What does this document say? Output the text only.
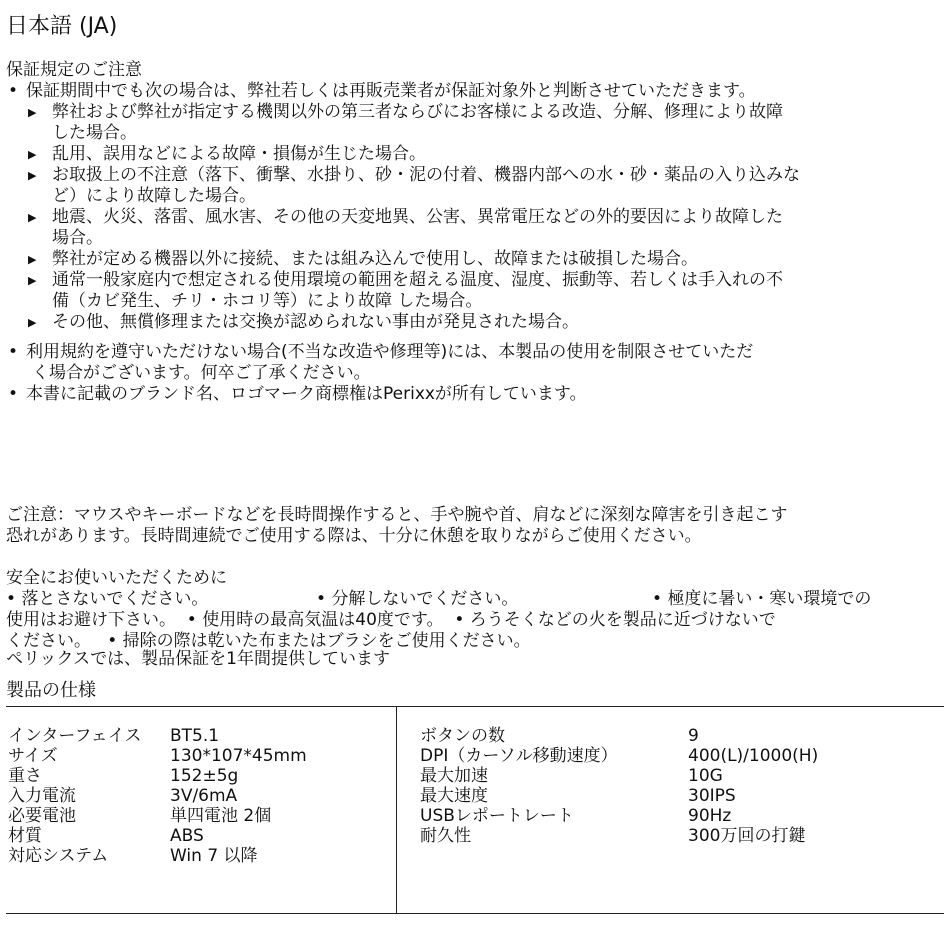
日本語 (JA)
保証規定のご注意
• 保証期間中でも次の場合は、弊社若しくは再販売業者が保証対象外と判断させていただきます。
▶ 弊社および弊社が指定する機関以外の第三者ならびにお客様による改造、分解、修理により故障
した場合。
▶ 乱用、誤用などによる故障・損傷が生じた場合。
▶ お取扱上の不注意（落下、衝撃、水掛り、砂・泥の付着、機器内部への水・砂・薬品の入り込みな
ど）により故障した場合。
▶ 地震、火災、落雷、風水害、その他の天変地異、公害、異常電圧などの外的要因により故障した
場合。
▶ 弊社が定める機器以外に接続、または組み込んで使用し、故障または破損した場合。
▶ 通常一般家庭内で想定される使用環境の範囲を超える温度、湿度、振動等、若しくは手入れの不
備（カビ発生、チリ・ホコリ等）により故障 した場合。
▶ その他、無償修理または交換が認められない事由が発見された場合。
• 利用規約を遵守いただけない場合(不当な改造や修理等)には、本製品の使用を制限させていただ
く場合がございます。何卒ご了承ください。
• 本書に記載のブランド名、ロゴマーク商標権はPerixxが所有しています。
ご注意：マウスやキーボードなどを長時間操作すると、手や腕や首、肩などに深刻な障害を引き起こす
恐れがあります。長時間連続でご使用する際は、十分に休憩を取りながらご使用ください。
安全にお使いいただくために
• 落とさないでください。	• 分解しないでください。	• 極度に暑い・寒い環境での
使用はお避け下さい。  • 使用時の最高気温は40度です。  • ろうそくなどの火を製品に近づけないで
ください。   • 掃除の際は乾いた布またはブラシをご使用ください。
ペリックスでは、製品保証を1年間提供しています
製品の仕様
インターフェイス	BT5.1
サイズ	130*107*45mm
重さ	152±5g
入力電流	3V/6mA
必要電池	単四電池 2個
材質	ABS
対応システム	Win 7 以降
ボタンの数	9
DPI（カーソル移動速度）	400(L)/1000(H)
最大加速	10G
最大速度	30IPS
USBレポートレート	90Hz
耐久性	300万回の打鍵
